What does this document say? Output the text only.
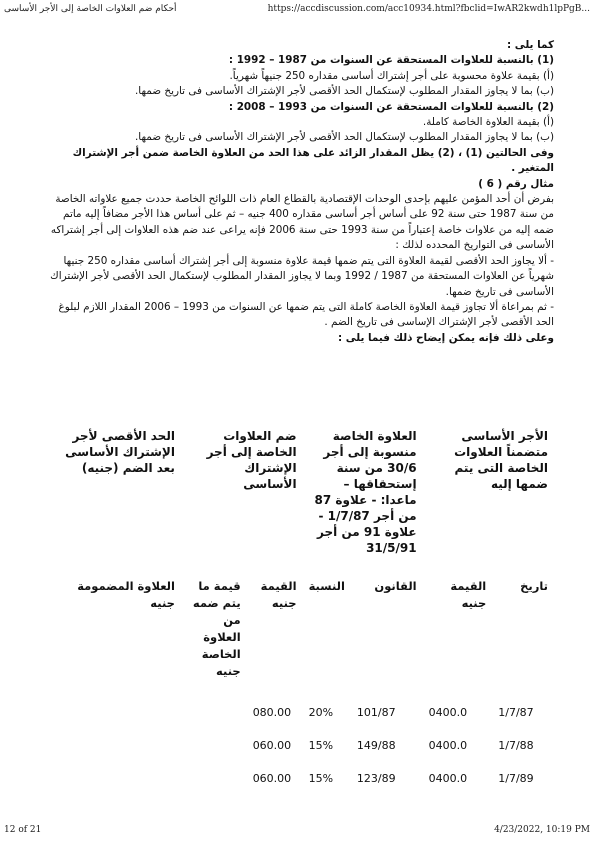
أحكام ضم العلاوات الخاصة إلى الأجر الأساسى	https://accdiscussion.com/acc10934.html?fbclid=IwAR2kwdh1lpPgB...

كما يلى :

(1) بالنسبة للعلاوات المستحقة عن السنوات من 1987 – 1992 :

(أ) بقيمة علاوة محسوبة على أجر إشتراك أساسى مقداره 250 جنيهاً شهرياً.

(ب) بما لا يجاوز المقدار المطلوب لإستكمال الحد الأقصى لأجر الإشتراك الأساسى فى تاريخ ضمها.

(2) بالنسبة للعلاوات المستحقة عن السنوات من 1993 – 2008 :

(أ) بقيمة العلاوة الخاصة كاملة.

(ب) بما لا يجاوز المقدار المطلوب لإستكمال الحد الأقصى لأجر الإشتراك الأساسى فى تاريخ ضمها.

وفى الحالتين (1) ، (2) يظل المقدار الزائد على هذا الحد من العلاوة الخاصة ضمن أجر الإشتراك المتغير .

مثال رقم ( 6 )

بفرض أن أحد المؤمن عليهم بإحدى الوحدات الإقتصادية بالقطاع العام ذات اللوائح الخاصة حددت جميع علاواته الخاصة من سنة 1987 حتى سنة 92 على أساس أجر أساسى مقداره 400 جنيه – ثم على أساس هذا الأجر مضافاً إليه ماتم ضمه إليه من علاوات خاصة إعتباراً من سنة 1993 حتى سنة 2006 فإنه يراعى عند ضم هذه العلاوات إلى أجر إشتراكه الأساسى فى التواريخ المحدده لذلك :

- ألا يجاوز الحد الأقصى لقيمة العلاوة التى يتم ضمها قيمة علاوة منسوبة إلى أجر إشتراك أساسى مقداره 250 جنيها شهرياً عن العلاوات المستحقة من 1987 / 1992 وبما لا يجاوز المقدار المطلوب لإستكمال الحد الأقصى لأجر الإشتراك الأساسى فى تاريخ ضمها.

- ثم بمراعاة ألا تجاوز قيمة العلاوة الخاصة كاملة التى يتم ضمها عن السنوات من 1993 – 2006 المقدار اللازم لبلوغ الحد الأقصى لأجر الإشتراك الإساسى فى تاريخ الضم .

وعلى ذلك فإنه يمكن إيضاح ذلك فيما يلى :

الأجر الأساسى متضمناً العلاوات الخاصة التى يتم ضمها إليه		العلاوة الخاصة منسوبة إلى أجر 30/6 من سنة إستحقاقها – ماعدا: - علاوة 87 من أجر 1/7/87 - علاوة 91 من أجر 31/5/91		ضم العلاوات الخاصة إلى أجر الإشتراك الأساسى		الحد الأقصى لأجر الإشتراك الأساسى بعد الضم (جنيه)

تاريخ	القيمة جنيه	القانون	النسبة	القيمة جنيه	قيمة ما يتم ضمه من العلاوة الخاصة جنيه	العلاوة المضمومة جنيه

1/7/87	0400.0	101/87	20%	080.00		
1/7/88	0400.0	149/88	15%	060.00		
1/7/89	0400.0	123/89	15%	060.00		
12 of 21	4/23/2022, 10:19 PM
